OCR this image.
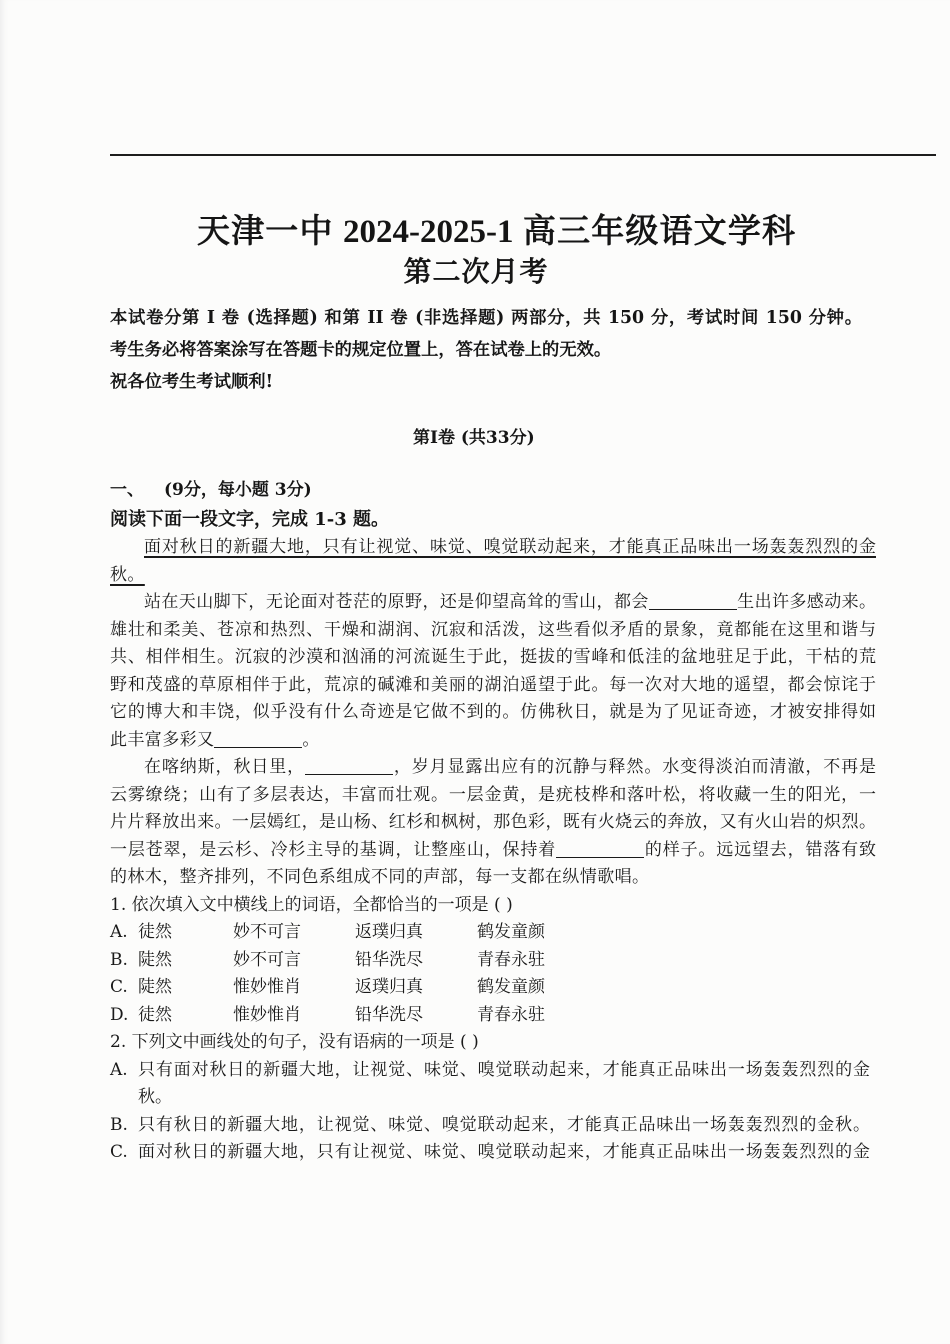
天津一中 2024-2025-1 高三年级语文学科
第二次月考
本试卷分第 I 卷 (选择题) 和第 II 卷 (非选择题) 两部分，共 150 分，考试时间 150 分钟。
考生务必将答案涂写在答题卡的规定位置上，答在试卷上的无效。
祝各位考生考试顺利!
第I卷 (共33分)
一、 (9分，每小题 3分)
阅读下面一段文字，完成 1-3 题。
面对秋日的新疆大地，只有让视觉、味觉、嗅觉联动起来，才能真正品味出一场轰轰烈烈的金
秋。
站在天山脚下，无论面对苍茫的原野，还是仰望高耸的雪山，都会	生出许多感动来。
雄壮和柔美、苍凉和热烈、干燥和湖润、沉寂和活泼，这些看似矛盾的景象，竟都能在这里和谐与
共、相伴相生。沉寂的沙漠和汹涌的河流诞生于此，挺拔的雪峰和低洼的盆地驻足于此，干枯的荒
野和茂盛的草原相伴于此，荒凉的碱滩和美丽的湖泊遥望于此。每一次对大地的遥望，都会惊诧于
它的博大和丰饶，似乎没有什么奇迹是它做不到的。仿佛秋日，就是为了见证奇迹，才被安排得如
此丰富多彩又	。
在喀纳斯，秋日里，	，岁月显露出应有的沉静与释然。水变得淡泊而清澈，不再是
云雾缭绕；山有了多层表达，丰富而壮观。一层金黄，是疣枝桦和落叶松，将收藏一生的阳光，一
片片释放出来。一层嫣红，是山杨、红杉和枫树，那色彩，既有火烧云的奔放，又有火山岩的炽烈。
一层苍翠，是云杉、冷杉主导的基调，让整座山，保持着	的样子。远远望去，错落有致
的林木，整齐排列，不同色系组成不同的声部，每一支都在纵情歌唱。
1. 依次填入文中横线上的词语，全都恰当的一项是 ( )
A. 徒然	妙不可言	返璞归真	鹤发童颜
B. 陡然	妙不可言	铅华洗尽	青春永驻
C. 陡然	惟妙惟肖	返璞归真	鹤发童颜
D. 徒然	惟妙惟肖	铅华洗尽	青春永驻
2. 下列文中画线处的句子，没有语病的一项是 ( )
A. 只有面对秋日的新疆大地，让视觉、味觉、嗅觉联动起来，才能真正品味出一场轰轰烈烈的金
秋。
B. 只有秋日的新疆大地，让视觉、味觉、嗅觉联动起来，才能真正品味出一场轰轰烈烈的金秋。
C. 面对秋日的新疆大地，只有让视觉、味觉、嗅觉联动起来，才能真正品味出一场轰轰烈烈的金
